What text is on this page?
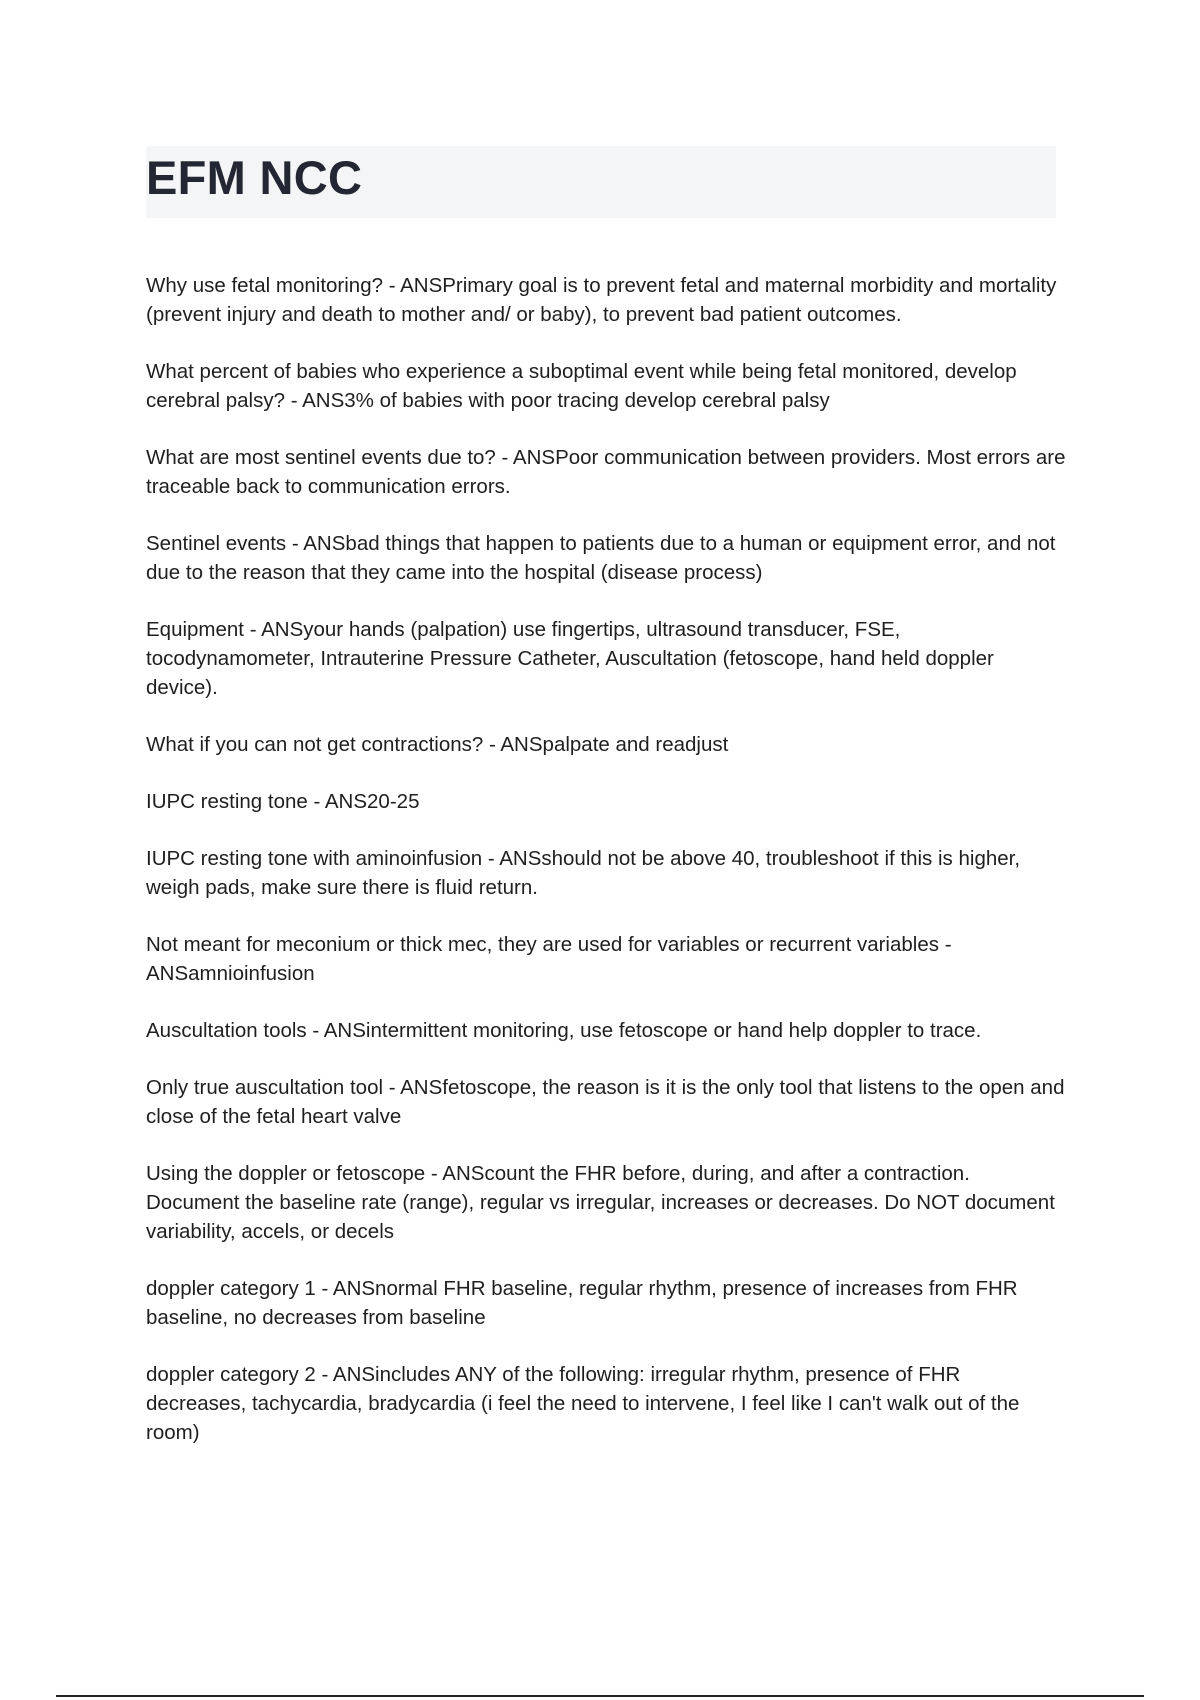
EFM NCC

Why use fetal monitoring? - ANSPrimary goal is to prevent fetal and maternal morbidity and mortality (prevent injury and death to mother and/ or baby), to prevent bad patient outcomes.

What percent of babies who experience a suboptimal event while being fetal monitored, develop cerebral palsy? - ANS3% of babies with poor tracing develop cerebral palsy

What are most sentinel events due to? - ANSPoor communication between providers. Most errors are traceable back to communication errors.

Sentinel events - ANSbad things that happen to patients due to a human or equipment error, and not due to the reason that they came into the hospital (disease process)

Equipment - ANSyour hands (palpation) use fingertips, ultrasound transducer, FSE, tocodynamometer, Intrauterine Pressure Catheter, Auscultation (fetoscope, hand held doppler device).

What if you can not get contractions? - ANSpalpate and readjust

IUPC resting tone - ANS20-25

IUPC resting tone with aminoinfusion - ANSshould not be above 40, troubleshoot if this is higher, weigh pads, make sure there is fluid return.

Not meant for meconium or thick mec, they are used for variables or recurrent variables - ANSamnioinfusion

Auscultation tools - ANSintermittent monitoring, use fetoscope or hand help doppler to trace.

Only true auscultation tool - ANSfetoscope, the reason is it is the only tool that listens to the open and close of the fetal heart valve

Using the doppler or fetoscope - ANScount the FHR before, during, and after a contraction. Document the baseline rate (range), regular vs irregular, increases or decreases. Do NOT document variability, accels, or decels

doppler category 1 - ANSnormal FHR baseline, regular rhythm, presence of increases from FHR baseline, no decreases from baseline

doppler category 2 - ANSincludes ANY of the following: irregular rhythm, presence of FHR decreases, tachycardia, bradycardia (i feel the need to intervene, I feel like I can't walk out of the room)
